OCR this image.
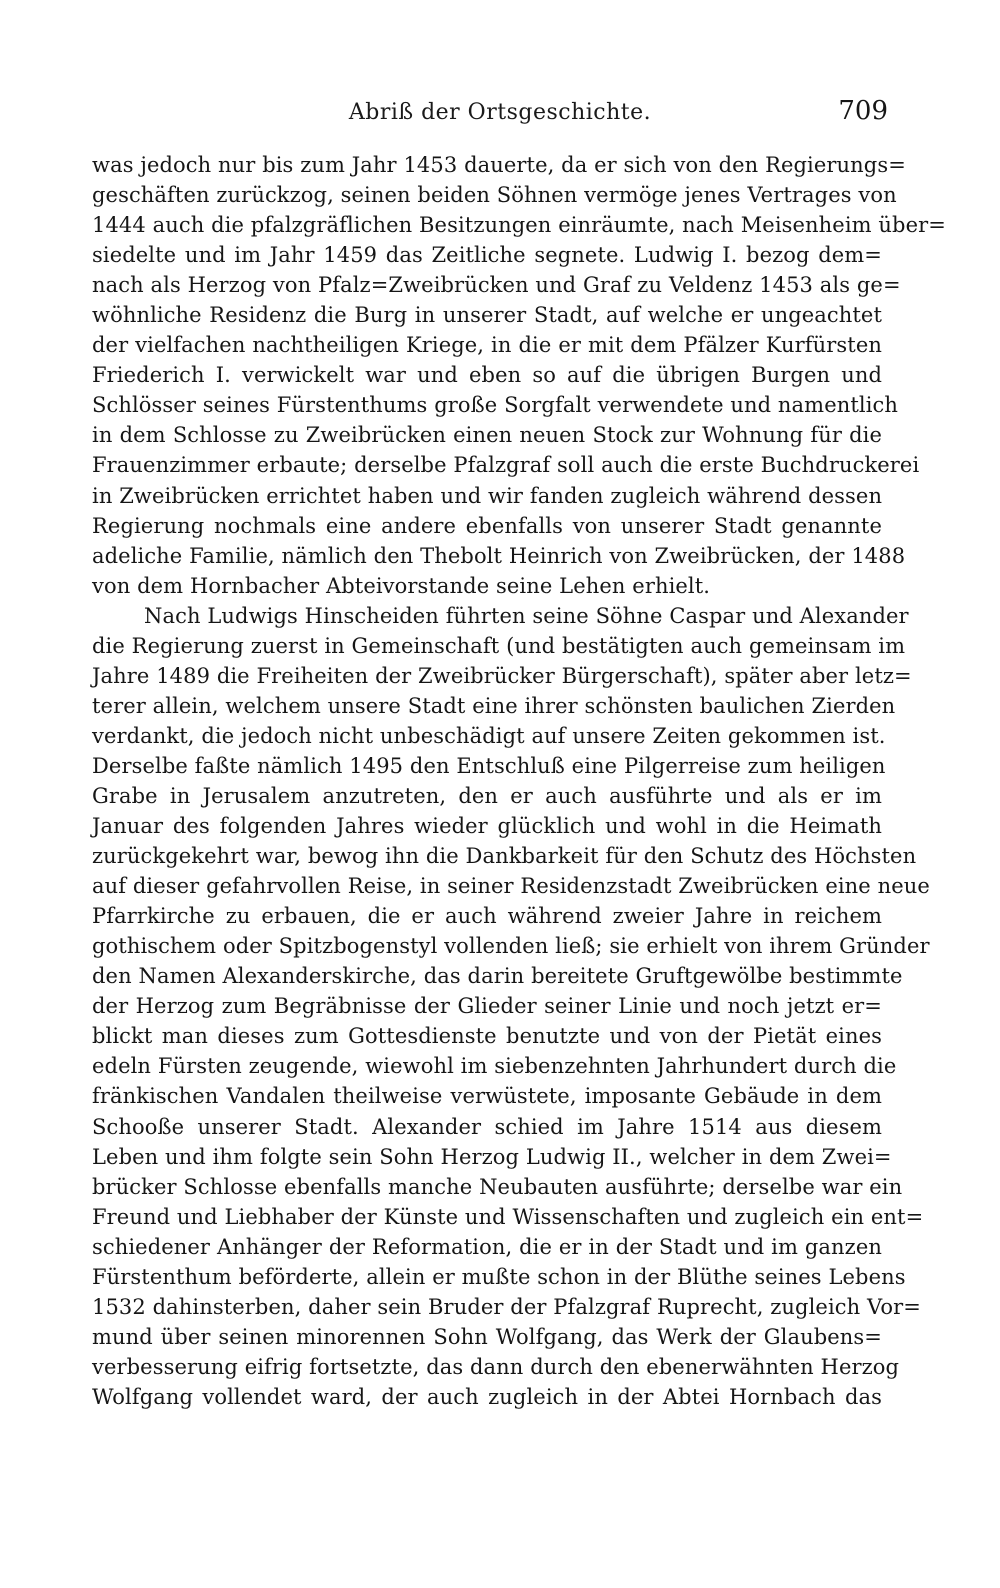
Abriß der Ortsgeschichte.	709
was jedoch nur bis zum Jahr 1453 dauerte, da er sich von den Regierungs=
geschäften zurückzog, seinen beiden Söhnen vermöge jenes Vertrages von
1444 auch die pfalzgräflichen Besitzungen einräumte, nach Meisenheim über=
siedelte und im Jahr 1459 das Zeitliche segnete. Ludwig I. bezog dem=
nach als Herzog von Pfalz=Zweibrücken und Graf zu Veldenz 1453 als ge=
wöhnliche Residenz die Burg in unserer Stadt, auf welche er ungeachtet
der vielfachen nachtheiligen Kriege, in die er mit dem Pfälzer Kurfürsten
Friederich I. verwickelt war und eben so auf die übrigen Burgen und
Schlösser seines Fürstenthums große Sorgfalt verwendete und namentlich
in dem Schlosse zu Zweibrücken einen neuen Stock zur Wohnung für die
Frauenzimmer erbaute; derselbe Pfalzgraf soll auch die erste Buchdruckerei
in Zweibrücken errichtet haben und wir fanden zugleich während dessen
Regierung nochmals eine andere ebenfalls von unserer Stadt genannte
adeliche Familie, nämlich den Thebolt Heinrich von Zweibrücken, der 1488
von dem Hornbacher Abteivorstande seine Lehen erhielt.
Nach Ludwigs Hinscheiden führten seine Söhne Caspar und Alexander
die Regierung zuerst in Gemeinschaft (und bestätigten auch gemeinsam im
Jahre 1489 die Freiheiten der Zweibrücker Bürgerschaft), später aber letz=
terer allein, welchem unsere Stadt eine ihrer schönsten baulichen Zierden
verdankt, die jedoch nicht unbeschädigt auf unsere Zeiten gekommen ist.
Derselbe faßte nämlich 1495 den Entschluß eine Pilgerreise zum heiligen
Grabe in Jerusalem anzutreten, den er auch ausführte und als er im
Januar des folgenden Jahres wieder glücklich und wohl in die Heimath
zurückgekehrt war, bewog ihn die Dankbarkeit für den Schutz des Höchsten
auf dieser gefahrvollen Reise, in seiner Residenzstadt Zweibrücken eine neue
Pfarrkirche zu erbauen, die er auch während zweier Jahre in reichem
gothischem oder Spitzbogenstyl vollenden ließ; sie erhielt von ihrem Gründer
den Namen Alexanderskirche, das darin bereitete Gruftgewölbe bestimmte
der Herzog zum Begräbnisse der Glieder seiner Linie und noch jetzt er=
blickt man dieses zum Gottesdienste benutzte und von der Pietät eines
edeln Fürsten zeugende, wiewohl im siebenzehnten Jahrhundert durch die
fränkischen Vandalen theilweise verwüstete, imposante Gebäude in dem
Schooße unserer Stadt. Alexander schied im Jahre 1514 aus diesem
Leben und ihm folgte sein Sohn Herzog Ludwig II., welcher in dem Zwei=
brücker Schlosse ebenfalls manche Neubauten ausführte; derselbe war ein
Freund und Liebhaber der Künste und Wissenschaften und zugleich ein ent=
schiedener Anhänger der Reformation, die er in der Stadt und im ganzen
Fürstenthum beförderte, allein er mußte schon in der Blüthe seines Lebens
1532 dahinsterben, daher sein Bruder der Pfalzgraf Ruprecht, zugleich Vor=
mund über seinen minorennen Sohn Wolfgang, das Werk der Glaubens=
verbesserung eifrig fortsetzte, das dann durch den ebenerwähnten Herzog
Wolfgang vollendet ward, der auch zugleich in der Abtei Hornbach das
